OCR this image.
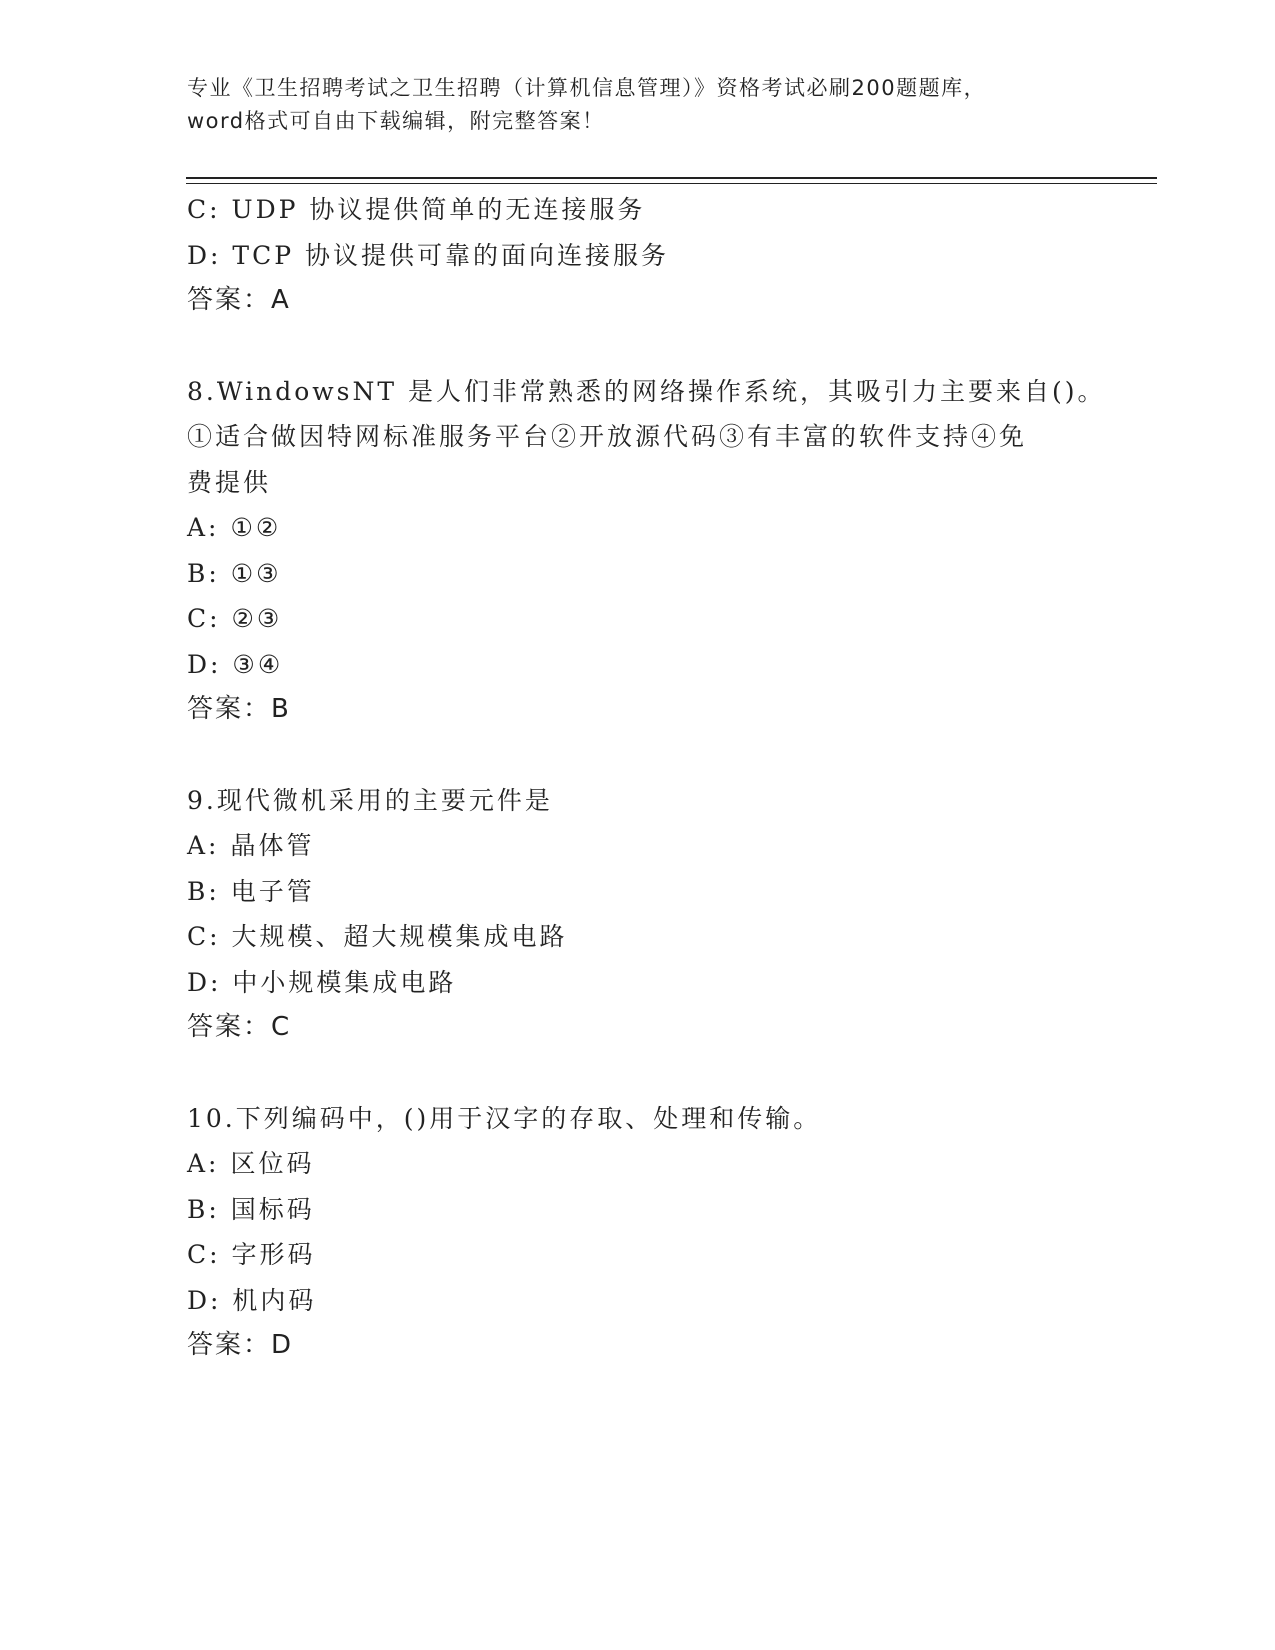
专业《卫生招聘考试之卫生招聘（计算机信息管理）》资格考试必刷200题题库，
word格式可自由下载编辑，附完整答案！
C: UDP 协议提供简单的无连接服务
D: TCP 协议提供可靠的面向连接服务
答案：A
8.WindowsNT 是人们非常熟悉的网络操作系统，其吸引力主要来自()。
①适合做因特网标准服务平台②开放源代码③有丰富的软件支持④免
费提供
A: ①②
B: ①③
C: ②③
D: ③④
答案：B
9.现代微机采用的主要元件是
A: 晶体管
B: 电子管
C: 大规模、超大规模集成电路
D: 中小规模集成电路
答案：C
10.下列编码中，()用于汉字的存取、处理和传输。
A: 区位码
B: 国标码
C: 字形码
D: 机内码
答案：D
